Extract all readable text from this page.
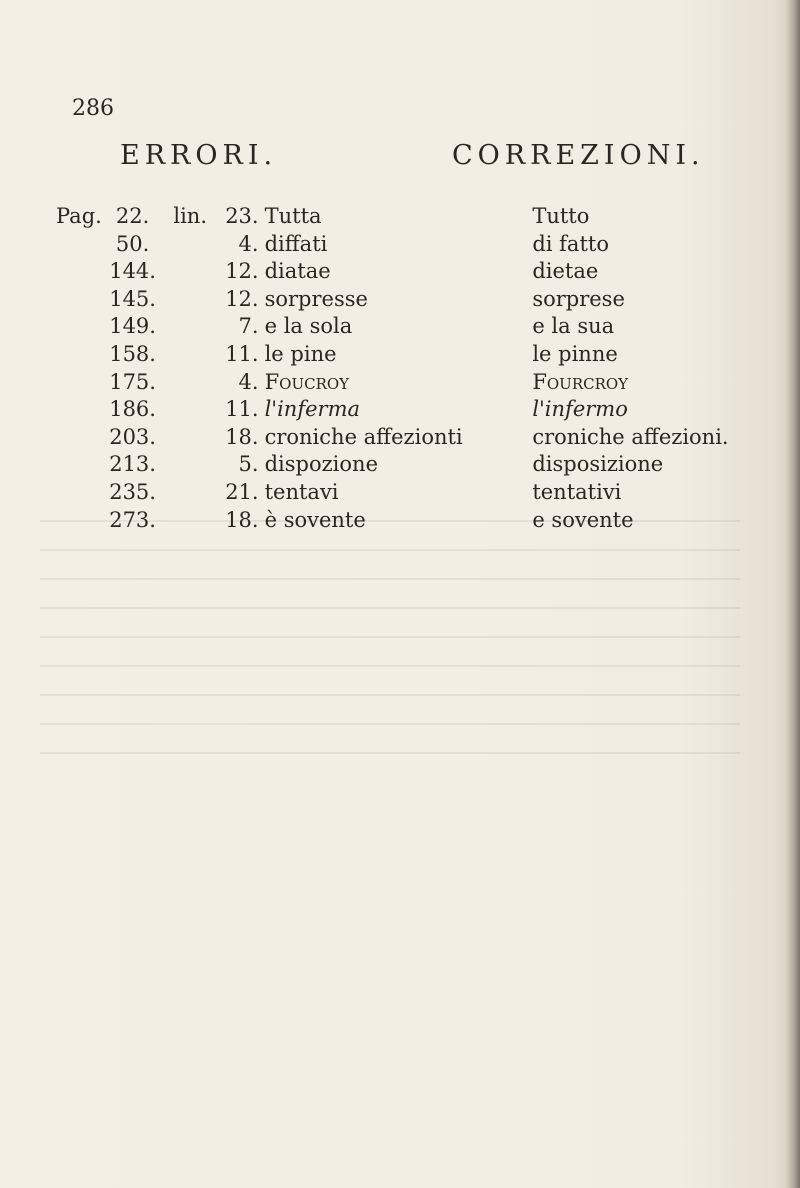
286
ERRORI.	CORREZIONI.
Pag.	22.	lin.	23.	Tutta	Tutto
	50.		4.	diffati	di fatto
	144.		12.	diatae	dietae
	145.		12.	sorpresse	sorprese
	149.		7.	e la sola	e la sua
	158.		11.	le pine	le pinne
	175.		4.	Foucroy	Fourcroy
	186.		11.	l'inferma	l'infermo
	203.		18.	croniche affezionti	croniche affezioni.
	213.		5.	dispozione	disposizione
	235.		21.	tentavi	tentativi
	273.		18.	è sovente	e sovente
